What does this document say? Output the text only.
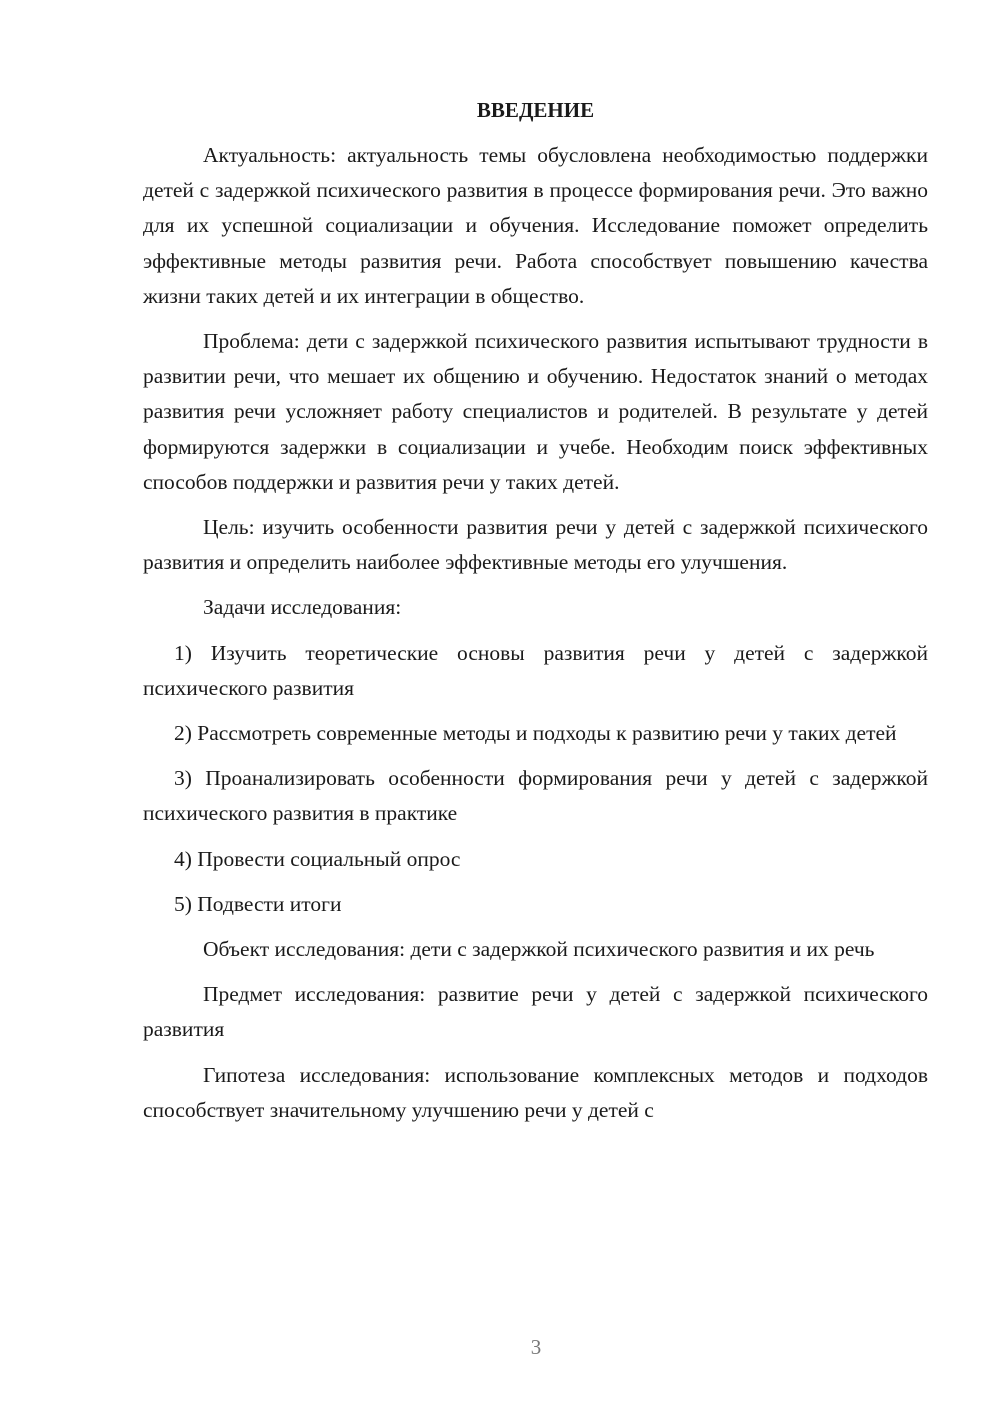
ВВЕДЕНИЕ

Актуальность: актуальность темы обусловлена необходимостью поддержки детей с задержкой психического развития в процессе формирования речи. Это важно для их успешной социализации и обучения. Исследование поможет определить эффективные методы развития речи. Работа способствует повышению качества жизни таких детей и их интеграции в общество.

Проблема: дети с задержкой психического развития испытывают трудности в развитии речи, что мешает их общению и обучению. Недостаток знаний о методах развития речи усложняет работу специалистов и родителей. В результате у детей формируются задержки в социализации и учебе. Необходим поиск эффективных способов поддержки и развития речи у таких детей.

Цель: изучить особенности развития речи у детей с задержкой психического развития и определить наиболее эффективные методы его улучшения.

Задачи исследования:

1) Изучить теоретические основы развития речи у детей с задержкой психического развития

2) Рассмотреть современные методы и подходы к развитию речи у таких детей

3) Проанализировать особенности формирования речи у детей с задержкой психического развития в практике

4) Провести социальный опрос

5) Подвести итоги

Объект исследования: дети с задержкой психического развития и их речь

Предмет исследования: развитие речи у детей с задержкой психического развития

Гипотеза исследования: использование комплексных методов и подходов способствует значительному улучшению речи у детей с

3
